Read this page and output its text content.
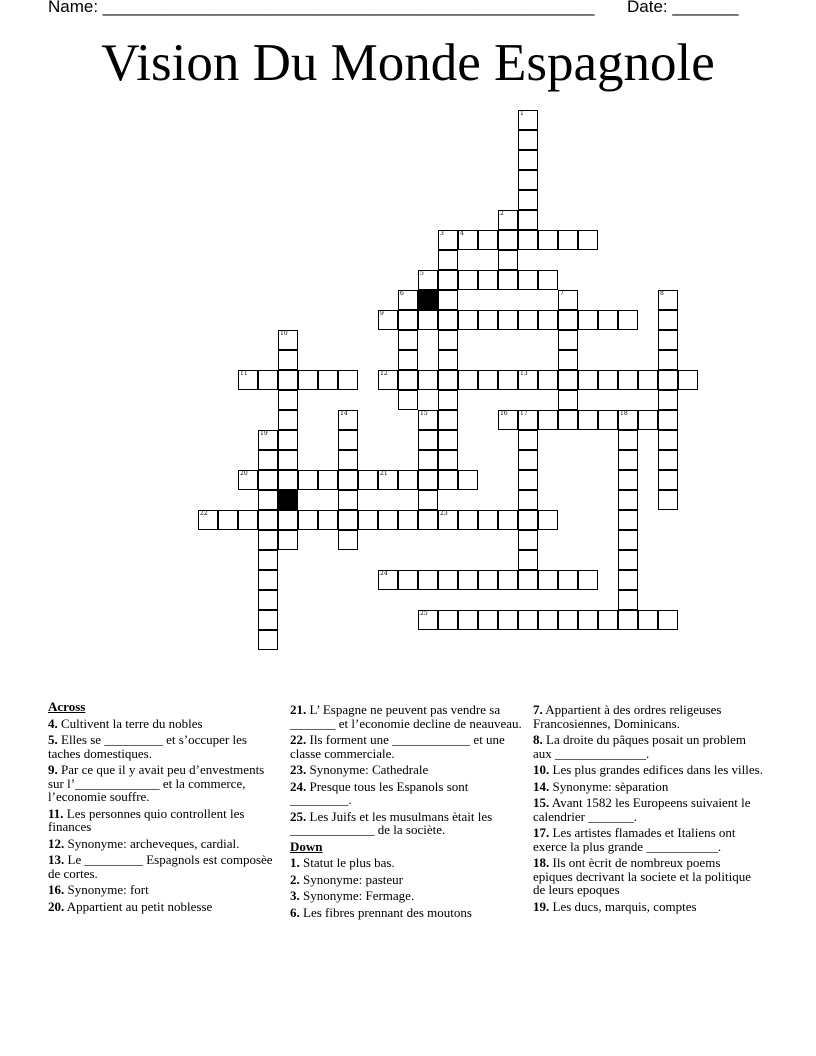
Name: ____________________________________________________ Date: _______
Vision Du Monde Espagnole
1
2
3	4
5
6	7	8
9
10
11	12	13
14	15	16 17	18
19
20	21
22	23
24
25
Across
4. Cultivent la terre du nobles
5. Elles se _________ et s’occuper les taches domestiques.
9. Par ce que il y avait peu d’envestments sur l’_____________ et la commerce, l’economie souffre.
11. Les personnes quio controllent les finances
12. Synonyme: archeveques, cardial.
13. Le _________ Espagnols est composèe de cortes.
16. Synonyme: fort
20. Appartient au petit noblesse
21. L’ Espagne ne peuvent pas vendre sa _______ et l’economie decline de neauveau.
22. Ils forment une ____________ et une classe commerciale.
23. Synonyme: Cathedrale
24. Presque tous les Espanols sont _________.
25. Les Juifs et les musulmans ètait les _____________ de la sociète.
Down
1. Statut le plus bas.
2. Synonyme: pasteur
3. Synonyme: Fermage.
6. Les fibres prennant des moutons
7. Appartient à des ordres religeuses Francosiennes, Dominicans.
8. La droite du pâques posait un problem aux ______________.
10. Les plus grandes edifices dans les villes.
14. Synonyme: sèparation
15. Avant 1582 les Europeens suivaient le calendrier _______.
17. Les artistes flamades et Italiens ont exerce la plus grande ___________.
18. Ils ont ècrit de nombreux poems epiques decrivant la societe et la politique de leurs epoques
19. Les ducs, marquis, comptes
